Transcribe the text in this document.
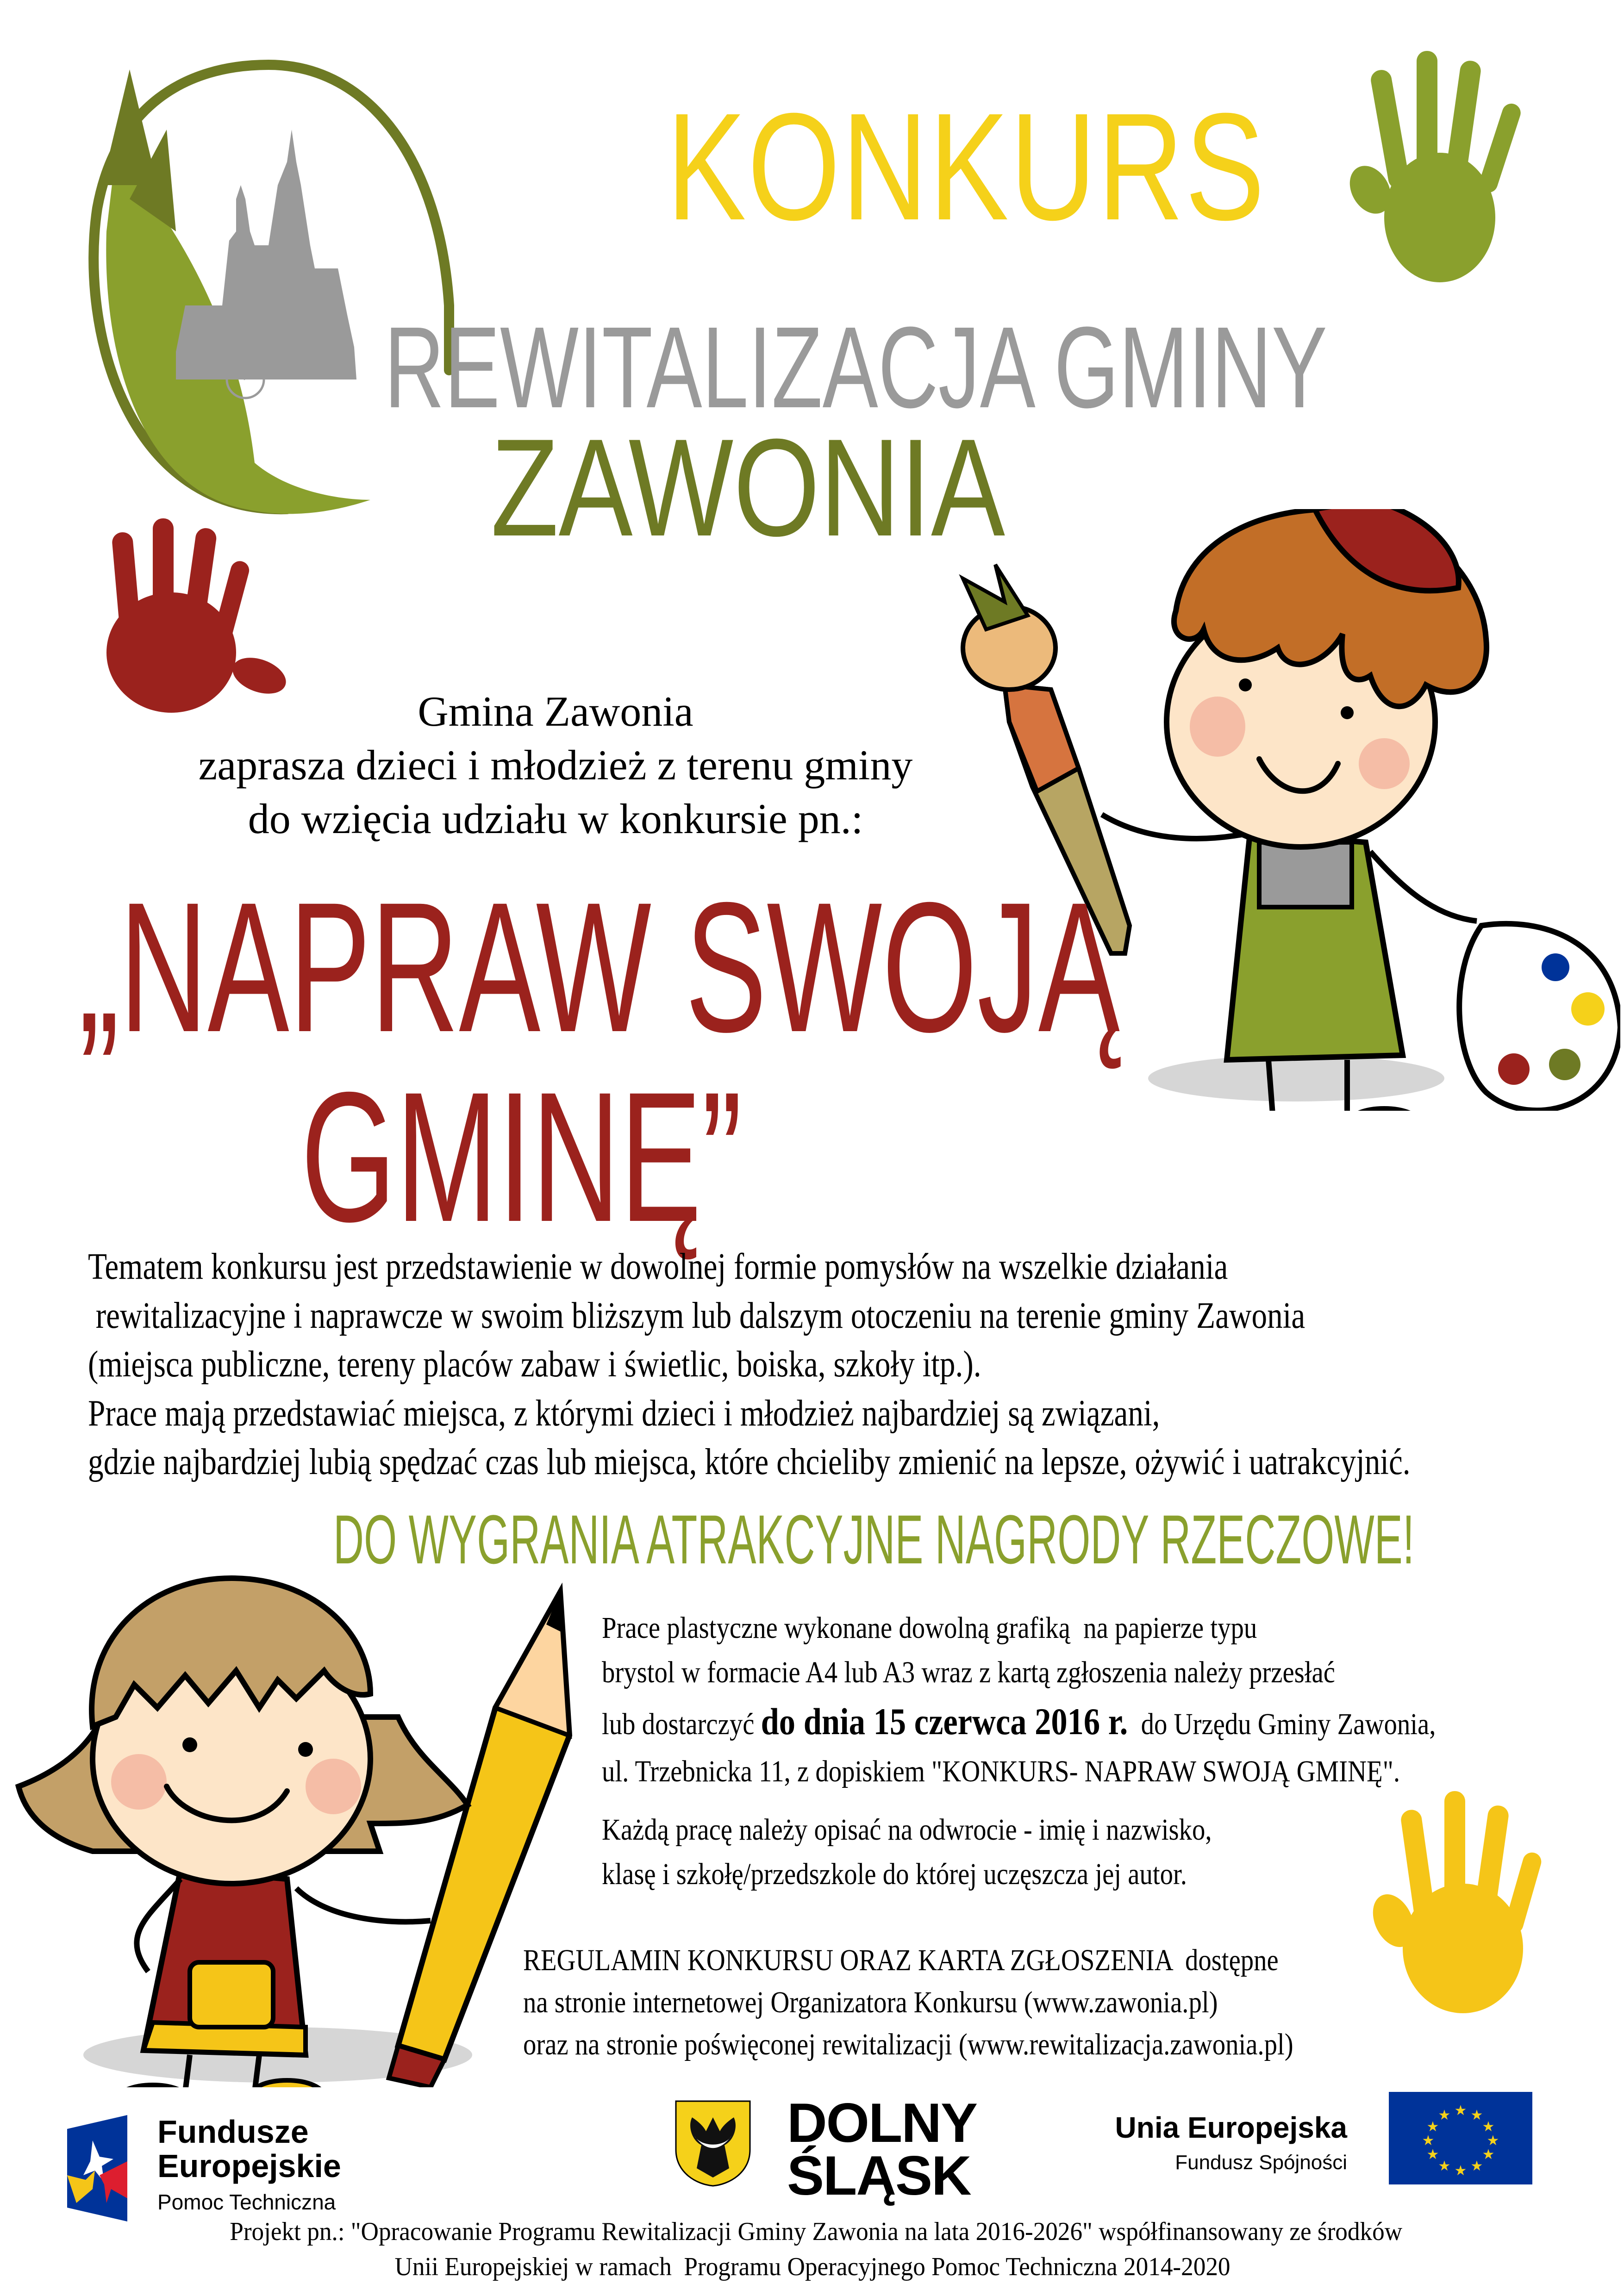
KONKURS
REWITALIZACJA GMINY
ZAWONIA
Gmina Zawonia
zaprasza dzieci i młodzież z terenu gminy
do wzięcia udziału w konkursie pn.:
„NAPRAW SWOJĄ
GMINĘ”
Tematem konkursu jest przedstawienie w dowolnej formie pomysłów na wszelkie działania
rewitalizacyjne i naprawcze w swoim bliższym lub dalszym otoczeniu na terenie gminy Zawonia
(miejsca publiczne, tereny placów zabaw i świetlic, boiska, szkoły itp.).
Prace mają przedstawiać miejsca, z którymi dzieci i młodzież najbardziej są związani,
gdzie najbardziej lubią spędzać czas lub miejsca, które chcieliby zmienić na lepsze, ożywić i uatrakcyjnić.
DO WYGRANIA ATRAKCYJNE NAGRODY RZECZOWE!
Prace plastyczne wykonane dowolną grafiką  na papierze typu
brystol w formacie A4 lub A3 wraz z kartą zgłoszenia należy przesłać
lub dostarczyć do dnia 15 czerwca 2016 r.  do Urzędu Gminy Zawonia,
ul. Trzebnicka 11, z dopiskiem "KONKURS- NAPRAW SWOJĄ GMINĘ".
Każdą pracę należy opisać na odwrocie - imię i nazwisko,
klasę i szkołę/przedszkole do której uczęszcza jej autor.
REGULAMIN KONKURSU ORAZ KARTA ZGŁOSZENIA  dostępne
na stronie internetowej Organizatora Konkursu (www.zawonia.pl)
oraz na stronie poświęconej rewitalizacji (www.rewitalizacja.zawonia.pl)
Fundusze
Europejskie
Pomoc Techniczna
DOLNY
ŚLĄSK
Unia Europejska
Fundusz Spójności
★ ★
★
★
★
★
★
★
★
★
★
★
Projekt pn.: "Opracowanie Programu Rewitalizacji Gminy Zawonia na lata 2016-2026" współfinansowany ze środków
Unii Europejskiej w ramach  Programu Operacyjnego Pomoc Techniczna 2014-2020
